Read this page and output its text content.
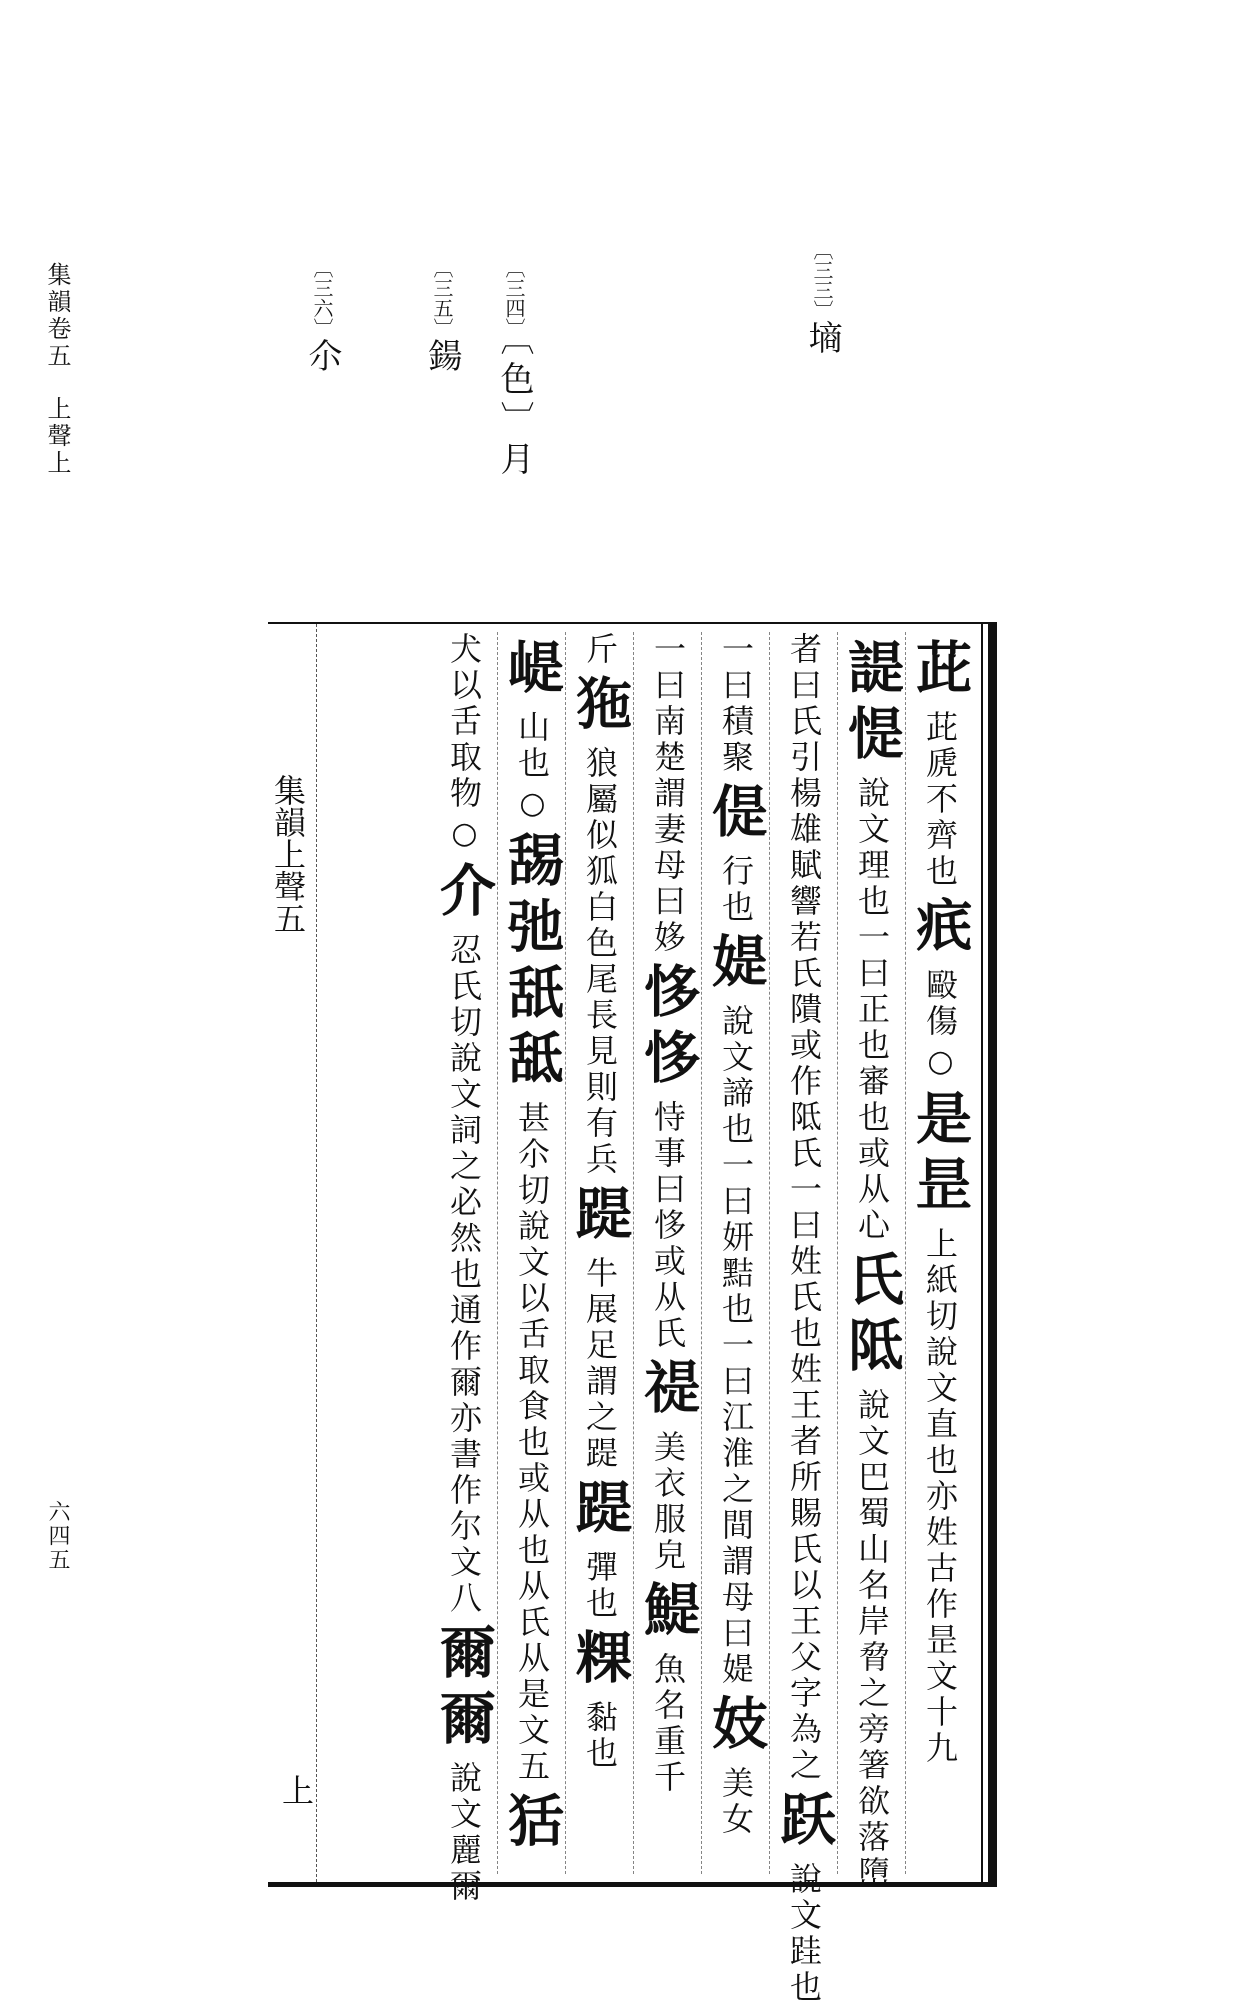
集韻卷五上聲上
六四五
〔三三〕墒
〔三四〕〔色〕月
〔三五〕鍚
〔三六〕尒
集韻上聲五
上
茈
茈虒不齊也
疧
毆傷
○
是昰
上紙切說文直也亦姓古作昰文十九
諟惿
說文理也一曰正也審也或从心
氏阺
說文巴蜀山名岸脅之旁箸欲落嶞
者曰氏引楊雄賦響若氏隤或作阺氏一曰姓氏也姓王者所賜氏以王父字為之
跃
說文跬也
一曰積聚
偍
行也
媞
說文諦也一曰妍黠也一曰江淮之間謂母曰媞
妓
美女
一曰南楚謂妻母曰姼
恀恀
恃事曰恀或从氏
禔
美衣服皃
鯷
魚名重千
斤
狏
狼屬似狐白色尾長見則有兵
踶
牛展足謂之踶
踶
彈也
粿
黏也
崼
山也
○
舓弛舐䑛
甚尒切說文以舌取食也或从也从氏从是文五
狧
犬以舌取物
○
介
忍氏切說文詞之必然也通作爾亦書作尔文八
爾爾
說文麗爾
